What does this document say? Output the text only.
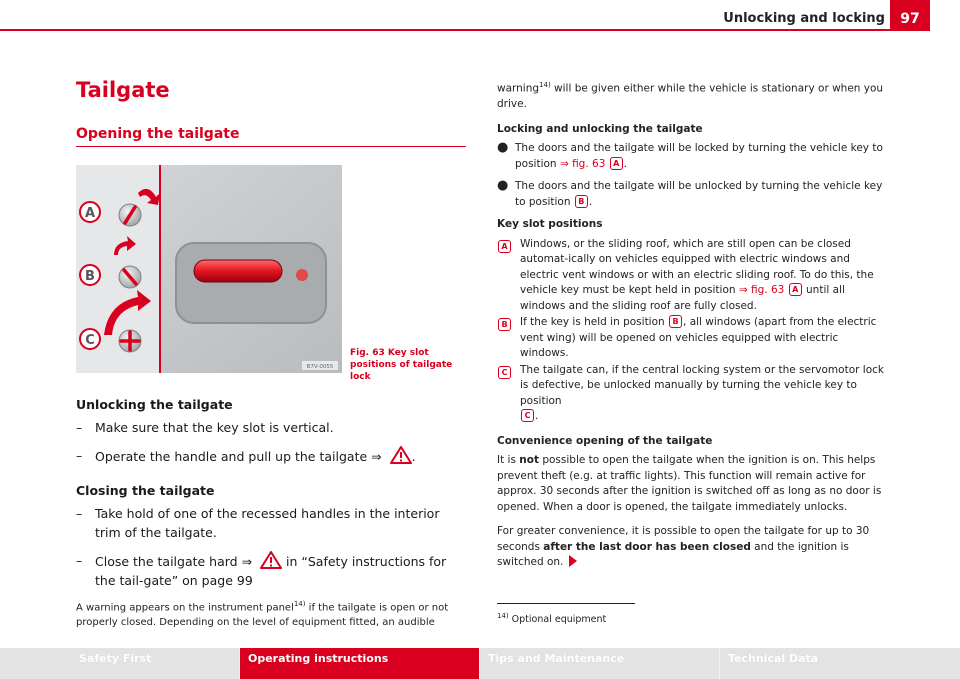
Unlocking and locking	97
Tailgate
Opening the tailgate
A
B
C
B7V-0055
Fig. 63 Key slot positions of tailgate lock
Unlocking the tailgate
– Make sure that the key slot is vertical.
– Operate the handle and pull up the tailgate ⇒ .
Closing the tailgate
– Take hold of one of the recessed handles in the interior trim of the tailgate.
– Close the tailgate hard ⇒	in “Safety instructions for the tail-gate” on page 99
A warning appears on the instrument panel$^{14)}$ if the tailgate is open or not properly closed. Depending on the level of equipment fitted, an audible

warning$^{14)}$ will be given either while the vehicle is stationary or when you drive.

Locking and unlocking the tailgate
● The doors and the tailgate will be locked by turning the vehicle key to position ⇒ fig. 63 A .
● The doors and the tailgate will be unlocked by turning the vehicle key to position B .
Key slot positions
A	Windows, or the sliding roof, which are still open can be closed automat-ically on vehicles equipped with electric windows and electric vent windows or with an electric sliding roof. To do this, the vehicle key must be kept held in position ⇒ fig. 63 A until all windows and the sliding roof are fully closed.
B	If the key is held in position B , all windows (apart from the electric vent wing) will be opened on vehicles equipped with electric windows.
C	The tailgate can, if the central locking system or the servomotor lock is defective, be unlocked manually by turning the vehicle key to position
C .
Convenience opening of the tailgate

It is not possible to open the tailgate when the ignition is on. This helps prevent theft (e.g. at traffic lights). This function will remain active for approx. 30 seconds after the ignition is switched off as long as no door is opened. When a door is opened, the tailgate immediately unlocks.

For greater convenience, it is possible to open the tailgate for up to 30 seconds after the last door has been closed and the ignition is switched on.

$^{14)}$ Optional equipment
Safety First	Operating instructions	Tips and Maintenance	Technical Data
